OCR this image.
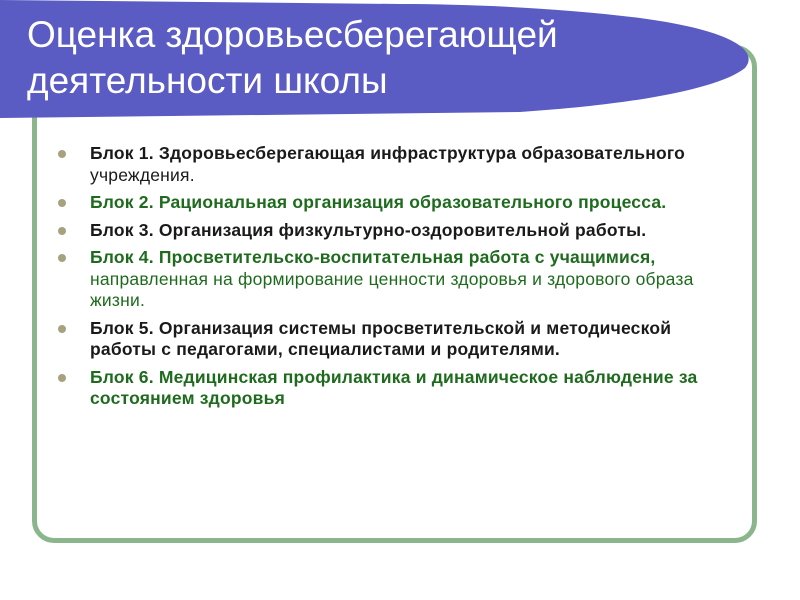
Оценка здоровьесберегающей
деятельности школы
Блок 1. Здоровьесберегающая инфраструктура образовательного учреждения.
Блок 2. Рациональная организация образовательного процесса.
Блок 3. Организация физкультурно-оздоровительной работы.
Блок 4. Просветительско-воспитательная работа с учащимися, направленная на формирование ценности здоровья и здорового образа жизни.
Блок 5. Организация системы просветительской и методической работы с педагогами, специалистами и родителями.
Блок 6. Медицинская профилактика и динамическое наблюдение за состоянием здоровья
